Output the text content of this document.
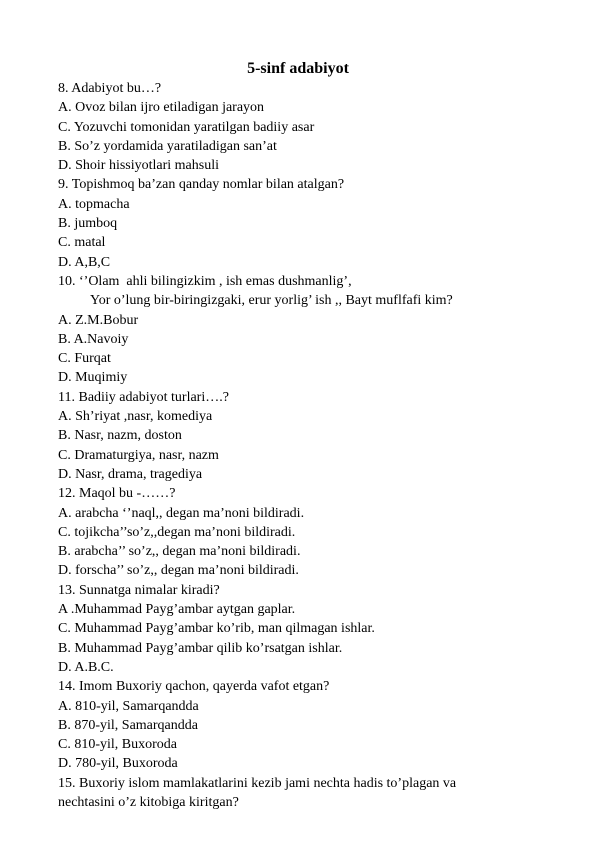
5-sinf adabiyot
8. Adabiyot bu…?
A. Ovoz bilan ijro etiladigan jarayon
C. Yozuvchi tomonidan yaratilgan badiiy asar
B. So’z yordamida yaratiladigan san’at
D. Shoir hissiyotlari mahsuli
9. Topishmoq ba’zan qanday nomlar bilan atalgan?
A. topmacha
B. jumboq
C. matal
D. A,B,C
10. ‘’Olam  ahli bilingizkim , ish emas dushmanlig’,
Yor o’lung bir-biringizgaki, erur yorlig’ ish ,, Bayt muflfafi kim?
A. Z.M.Bobur
B. A.Navoiy
C. Furqat
D. Muqimiy
11. Badiiy adabiyot turlari….?
A. Sh’riyat ,nasr, komediya
B. Nasr, nazm, doston
C. Dramaturgiya, nasr, nazm
D. Nasr, drama, tragediya
12. Maqol bu -……?
A. arabcha ‘’naql,, degan ma’noni bildiradi.
C. tojikcha’’so’z,,degan ma’noni bildiradi.
B. arabcha’’ so’z,, degan ma’noni bildiradi.
D. forscha’’ so’z,, degan ma’noni bildiradi.
13. Sunnatga nimalar kiradi?
A .Muhammad Payg’ambar aytgan gaplar.
C. Muhammad Payg’ambar ko’rib, man qilmagan ishlar.
B. Muhammad Payg’ambar qilib ko’rsatgan ishlar.
D. A.B.C.
14. Imom Buxoriy qachon, qayerda vafot etgan?
A. 810-yil, Samarqandda
B. 870-yil, Samarqandda
C. 810-yil, Buxoroda
D. 780-yil, Buxoroda
15. Buxoriy islom mamlakatlarini kezib jami nechta hadis to’plagan va
nechtasini o’z kitobiga kiritgan?
